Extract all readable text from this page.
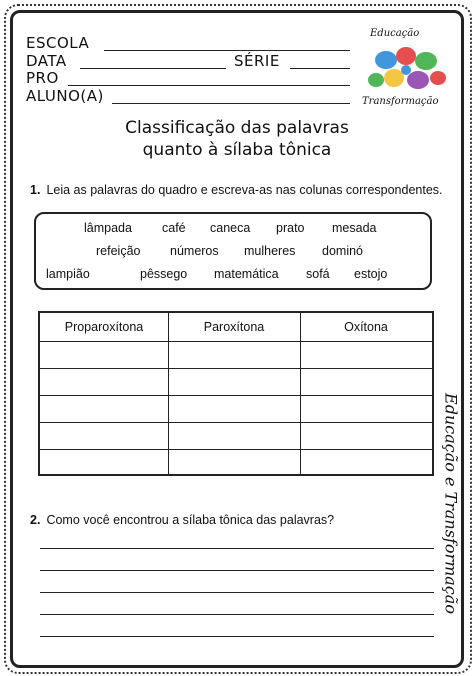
ESCOLA
DATA	SÉRIE
PRO
ALUNO(A)
Educação
Transformação
Classificação das palavras
quanto à sílaba tônica
1. Leia as palavras do quadro e escreva-as nas colunas correspondentes.
lâmpada café caneca prato mesada
refeição números mulheres dominó
lampião	pêssego matemática sofá estojo
Proparoxítona	Paroxítona	Oxítona
Educação e Transformação
2. Como você encontrou a sílaba tônica das palavras?
